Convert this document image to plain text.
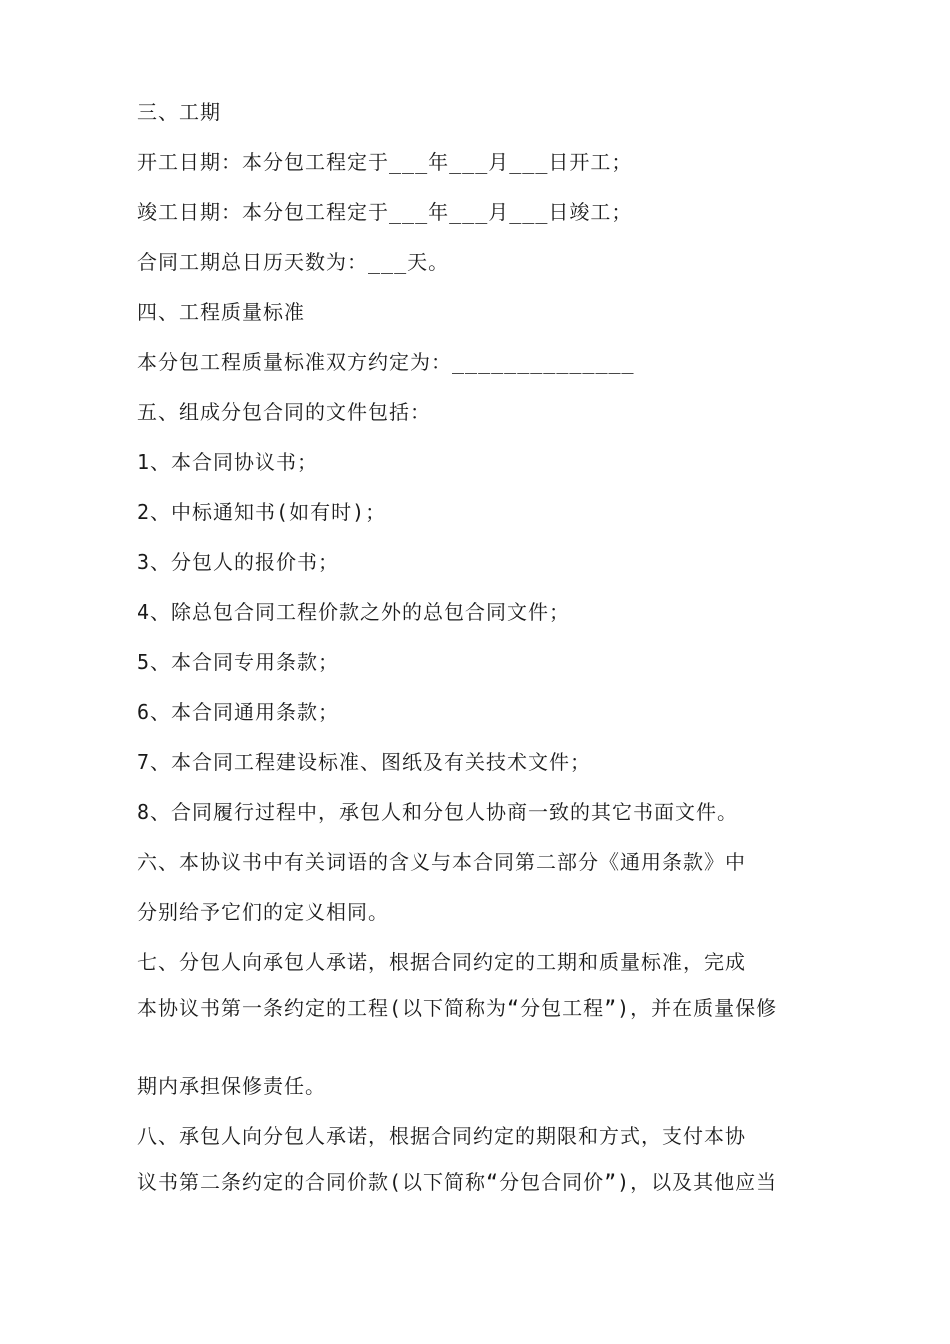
三、工期
开工日期：本分包工程定于___年___月___日开工；
竣工日期：本分包工程定于___年___月___日竣工；
合同工期总日历天数为：___天。
四、工程质量标准
本分包工程质量标准双方约定为：______________
五、组成分包合同的文件包括：
1、本合同协议书；
2、中标通知书(如有时)；
3、分包人的报价书；
4、除总包合同工程价款之外的总包合同文件；
5、本合同专用条款；
6、本合同通用条款；
7、本合同工程建设标准、图纸及有关技术文件；
8、合同履行过程中，承包人和分包人协商一致的其它书面文件。
六、本协议书中有关词语的含义与本合同第二部分《通用条款》中
分别给予它们的定义相同。
七、分包人向承包人承诺，根据合同约定的工期和质量标准，完成
本协议书第一条约定的工程(以下简称为“分包工程”)，并在质量保修
期内承担保修责任。
八、承包人向分包人承诺，根据合同约定的期限和方式，支付本协
议书第二条约定的合同价款(以下简称“分包合同价”)，以及其他应当
